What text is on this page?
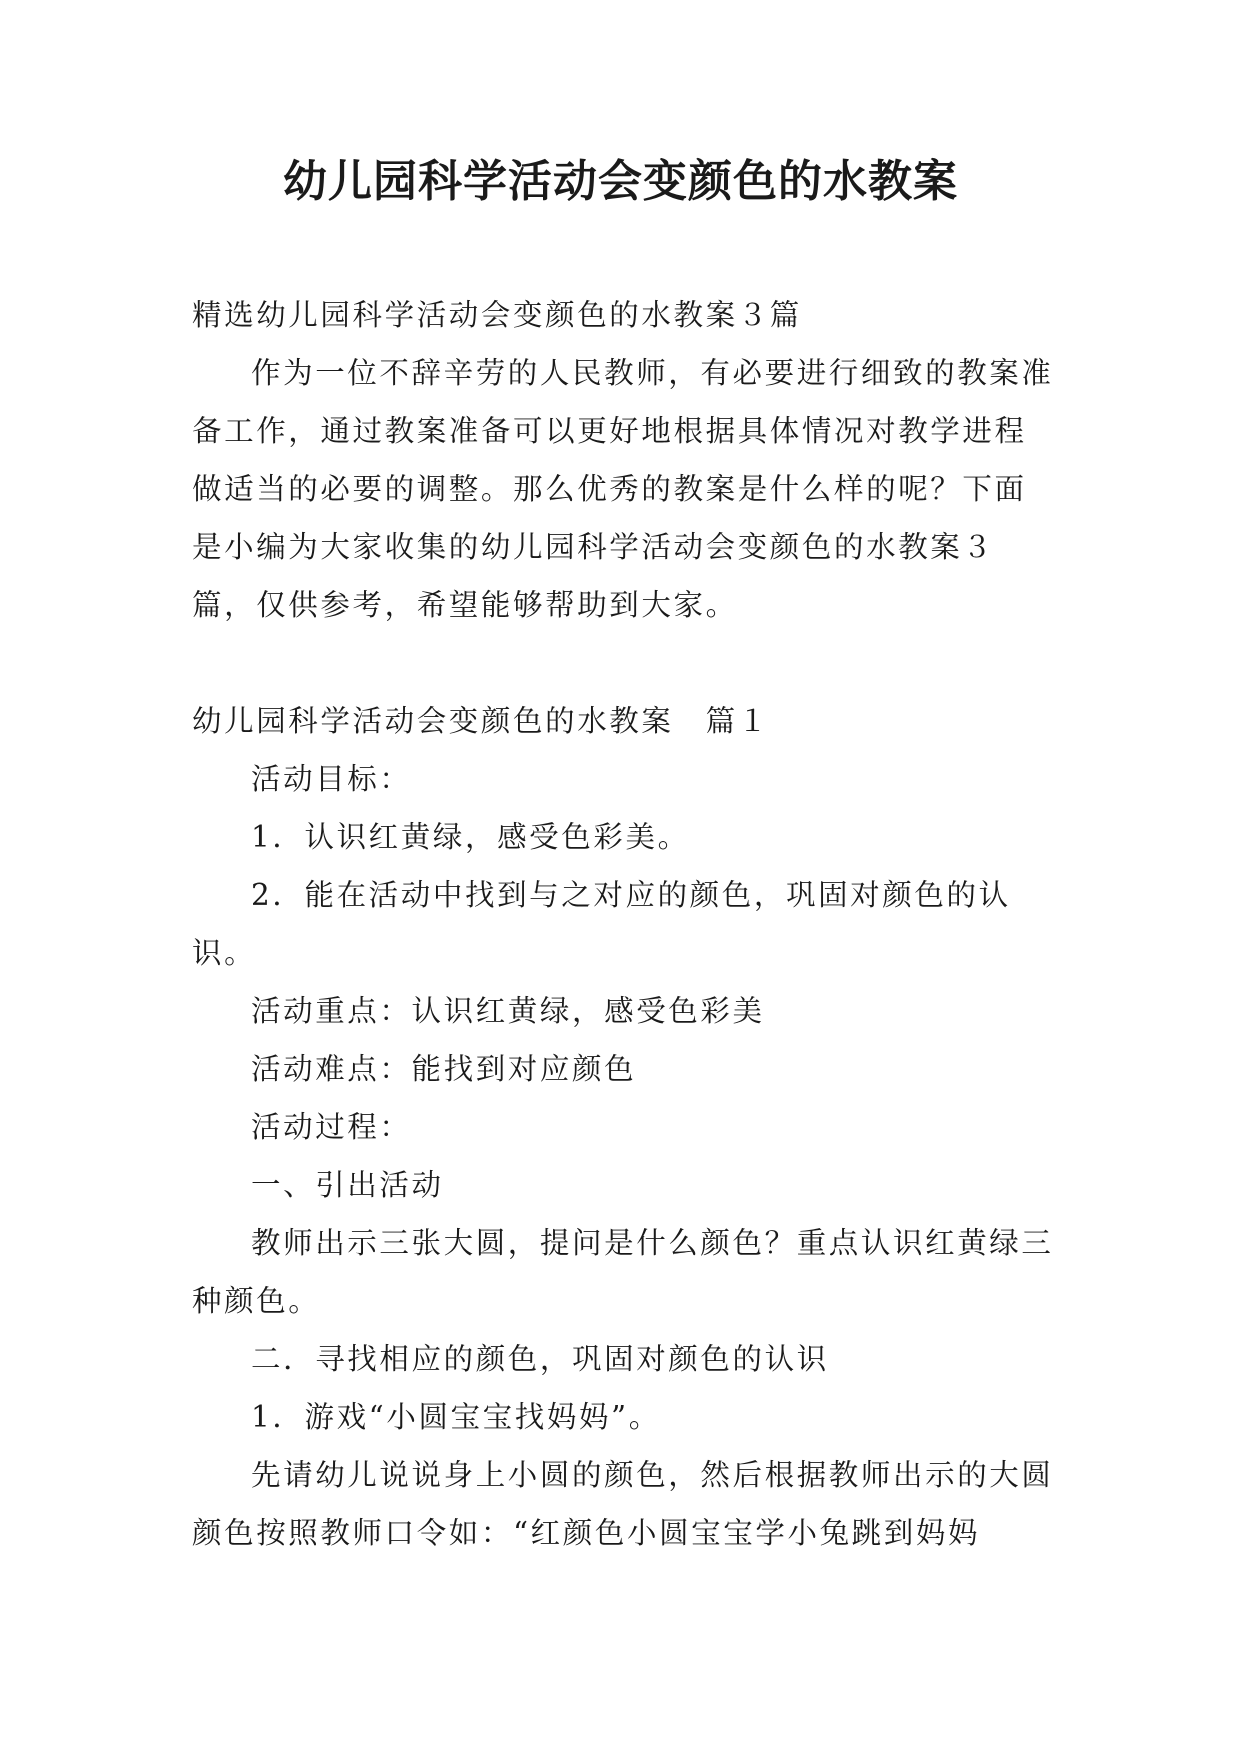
幼儿园科学活动会变颜色的水教案

精选幼儿园科学活动会变颜色的水教案３篇

作为一位不辞辛劳的人民教师，有必要进行细致的教案准备工作，通过教案准备可以更好地根据具体情况对教学进程做适当的必要的调整。那么优秀的教案是什么样的呢？下面是小编为大家收集的幼儿园科学活动会变颜色的水教案３篇，仅供参考，希望能够帮助到大家。

幼儿园科学活动会变颜色的水教案　篇１

活动目标：

1．认识红黄绿，感受色彩美。

2．能在活动中找到与之对应的颜色，巩固对颜色的认识。

活动重点：认识红黄绿，感受色彩美

活动难点：能找到对应颜色

活动过程：

一、引出活动

教师出示三张大圆，提问是什么颜色？重点认识红黄绿三种颜色。

二．寻找相应的颜色，巩固对颜色的认识

1．游戏“小圆宝宝找妈妈”。

先请幼儿说说身上小圆的颜色，然后根据教师出示的大圆颜色按照教师口令如：“红颜色小圆宝宝学小兔跳到妈妈
